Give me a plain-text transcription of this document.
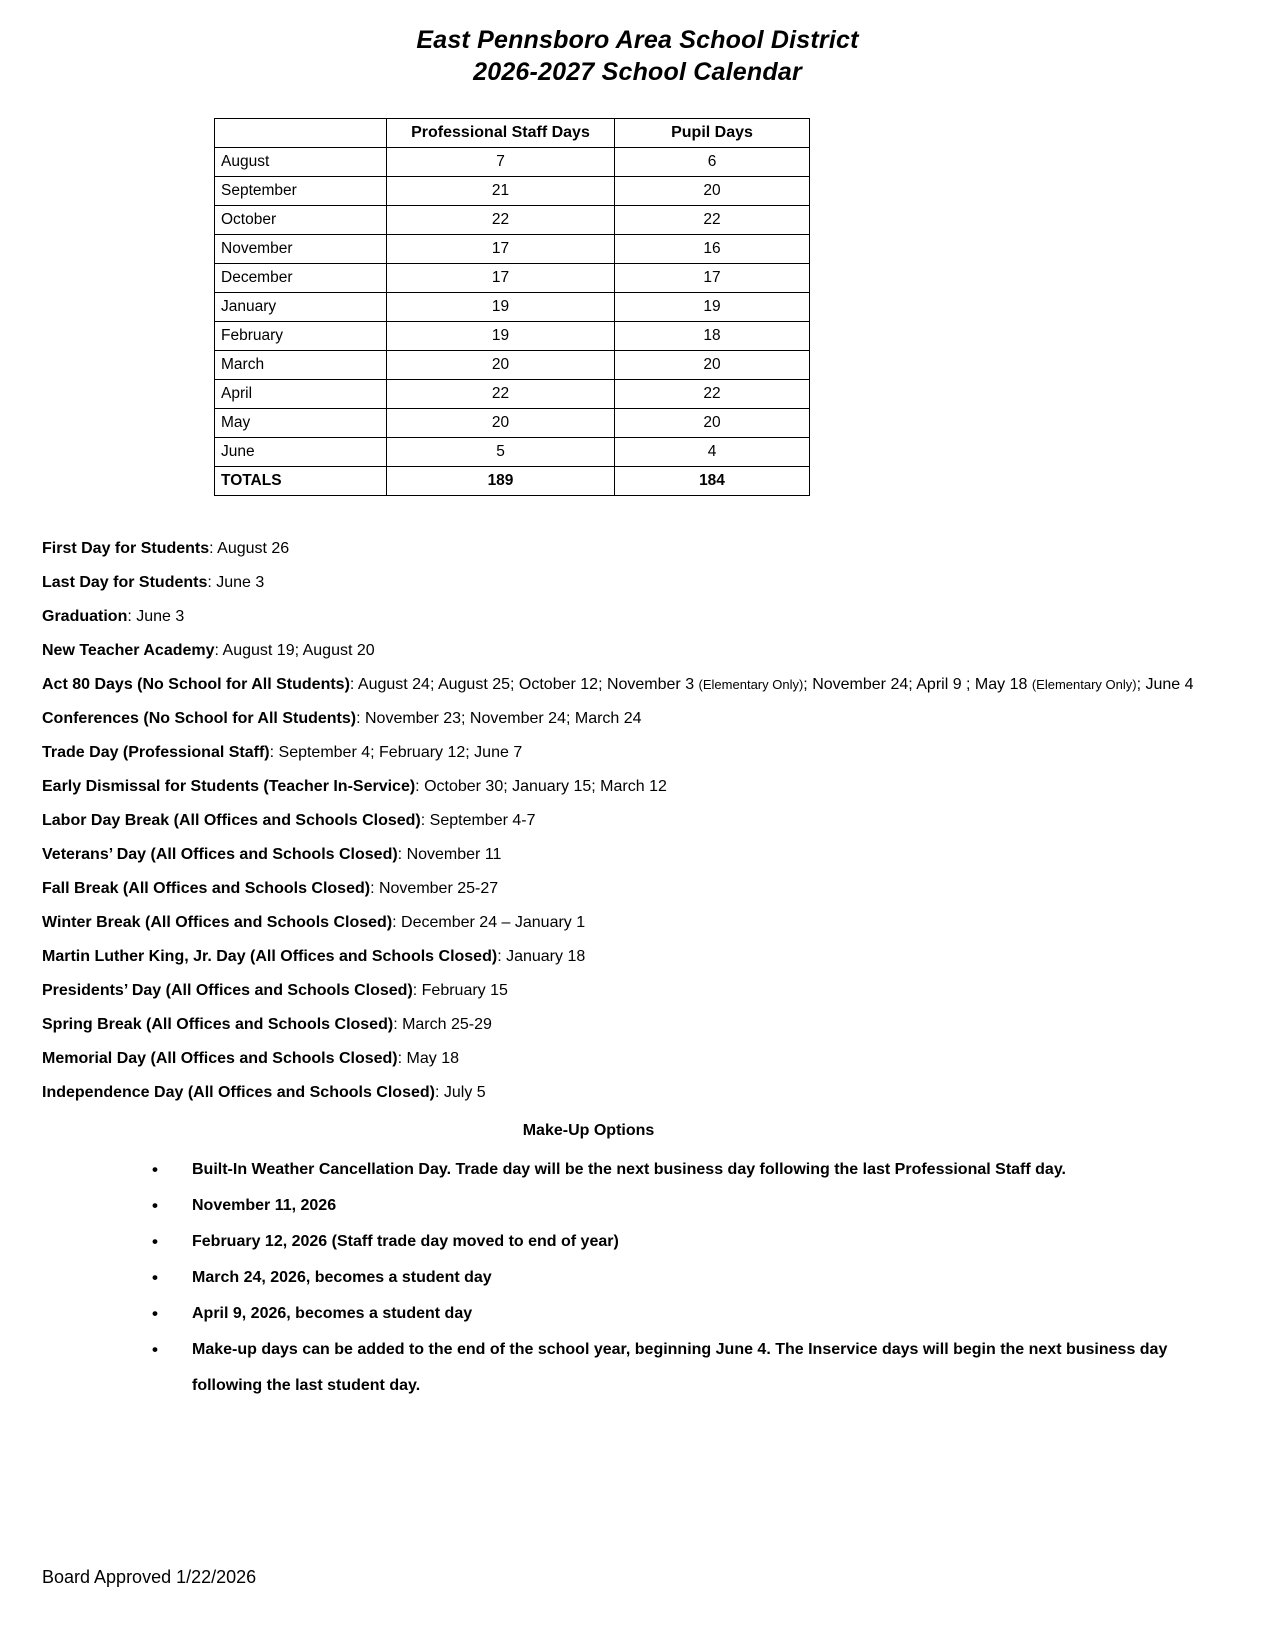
East Pennsboro Area School District
2026-2027 School Calendar
	Professional Staff Days	Pupil Days
August	7	6
September	21	20
October	22	22
November	17	16
December	17	17
January	19	19
February	19	18
March	20	20
April	22	22
May	20	20
June	5	4
TOTALS	189	184

First Day for Students: August 26

Last Day for Students: June 3

Graduation: June 3

New Teacher Academy: August 19; August 20

Act 80 Days (No School for All Students): August 24; August 25; October 12; November 3 (Elementary Only); November 24; April 9 ; May 18 (Elementary Only); June 4

Conferences (No School for All Students): November 23; November 24; March 24

Trade Day (Professional Staff): September 4; February 12; June 7

Early Dismissal for Students (Teacher In-Service): October 30; January 15; March 12

Labor Day Break (All Offices and Schools Closed): September 4-7

Veterans’ Day (All Offices and Schools Closed): November 11

Fall Break (All Offices and Schools Closed): November 25-27

Winter Break (All Offices and Schools Closed): December 24 – January 1

Martin Luther King, Jr. Day (All Offices and Schools Closed): January 18

Presidents’ Day (All Offices and Schools Closed): February 15

Spring Break (All Offices and Schools Closed): March 25-29

Memorial Day (All Offices and Schools Closed): May 18

Independence Day (All Offices and Schools Closed): July 5

Make-Up Options
• Built-In Weather Cancellation Day. Trade day will be the next business day following the last Professional Staff day.
• November 11, 2026
• February 12, 2026 (Staff trade day moved to end of year)
• March 24, 2026, becomes a student day
• April 9, 2026, becomes a student day
• Make-up days can be added to the end of the school year, beginning June 4. The Inservice days will begin the next business day following the last student day.
Board Approved 1/22/2026
